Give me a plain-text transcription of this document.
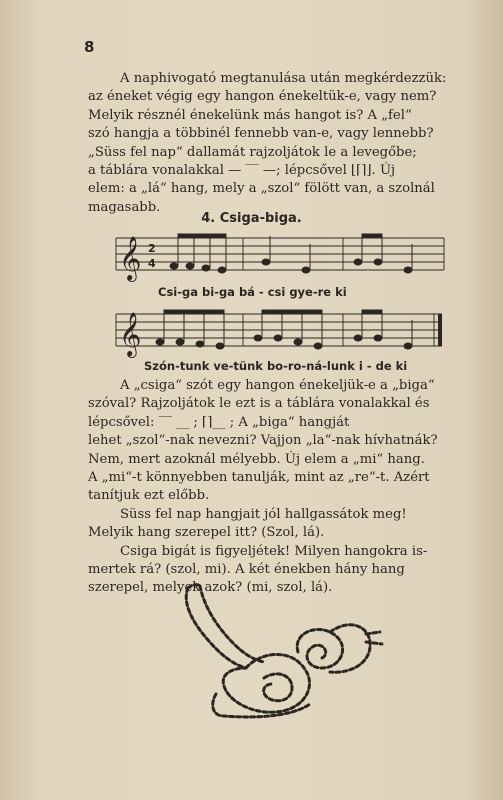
8
A naphivogató megtanulása után megkérdezzük:
az éneket végig egy hangon énekeltük-e, vagy nem?
Melyik résznél énekelünk más hangot is? A „fel“
szó hangja a többinél fennebb van-e, vagy lennebb?
„Süss fel nap“ dallamát rajzoljátok le a levegőbe;
a táblára vonalakkal — ‾‾ —; lépcsővel ⌊⌈⌉⌋. Új
elem: a „lá“ hang, mely a „szol“ fölött van, a szolnál
magasabb.
4. Csiga-biga.
𝄞 2
4
Csi-ga bi-ga bá - csi gye-re ki
𝄞
Szón-tunk ve-tünk bo-ro-ná-lunk i - de ki
A „csiga“ szót egy hangon énekeljük-e a „biga“
szóval? Rajzoljátok le ezt is a táblára vonalakkal és
lépcsővel: ‾‾ __ ; ⌈⌉__ ; A „biga“ hangját
lehet „szol“-nak nevezni? Vajjon „la“-nak hívhatnák?
Nem, mert azoknál mélyebb. Új elem a „mi“ hang.
A „mi“-t könnyebben tanulják, mint az „re“-t. Azért
tanítjuk ezt előbb.
Süss fel nap hangjait jól hallgassátok meg!
Melyik hang szerepel itt? (Szol, lá).
Csiga bigát is figyeljétek! Milyen hangokra is-
mertek rá? (szol, mi). A két énekben hány hang
szerepel, melyek azok? (mi, szol, lá).
